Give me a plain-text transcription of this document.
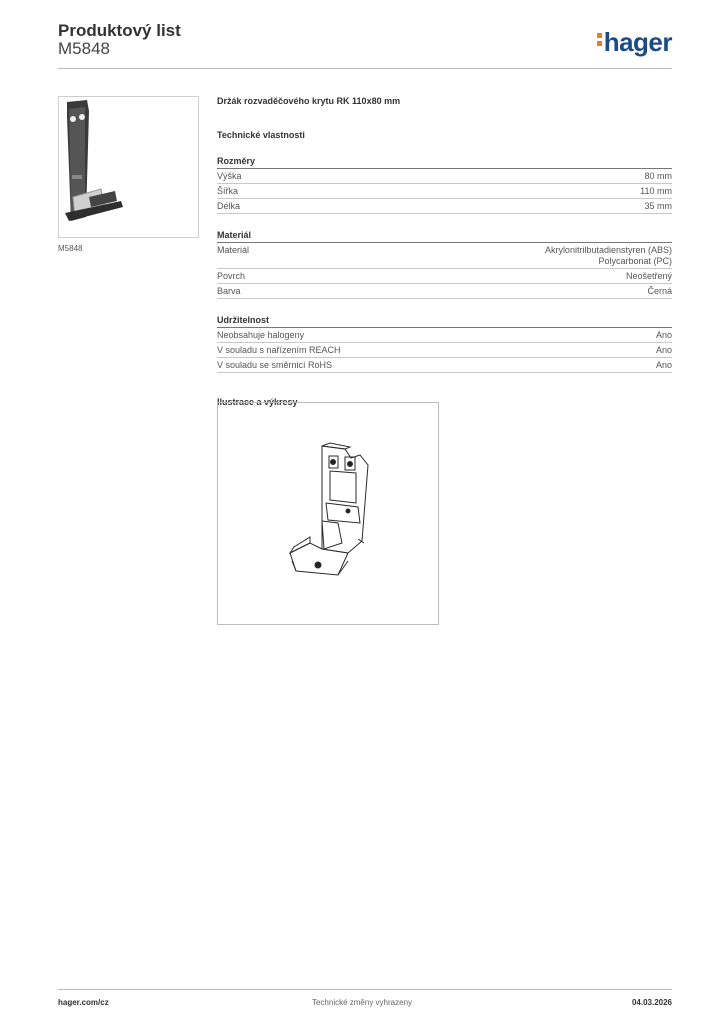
Produktový list
M5848	hager
M5848
Držák rozvaděčového krytu RK 110x80 mm
Technické vlastnosti
Rozměry
Výška	80 mm
Šířka	110 mm
Délka	35 mm
Materiál
Materiál	Akrylonitrilbutadienstyren (ABS)
Polycarbonat (PC)
Povrch	Neošetřený
Barva	Černá
Udržitelnost
Neobsahuje halogeny	Ano
V souladu s nařízením REACH	Ano
V souladu se směrnicí RoHS	Ano
Ilustrace a výkresy
Technické změny vyhrazeny
hager.com/cz	04.03.2026
